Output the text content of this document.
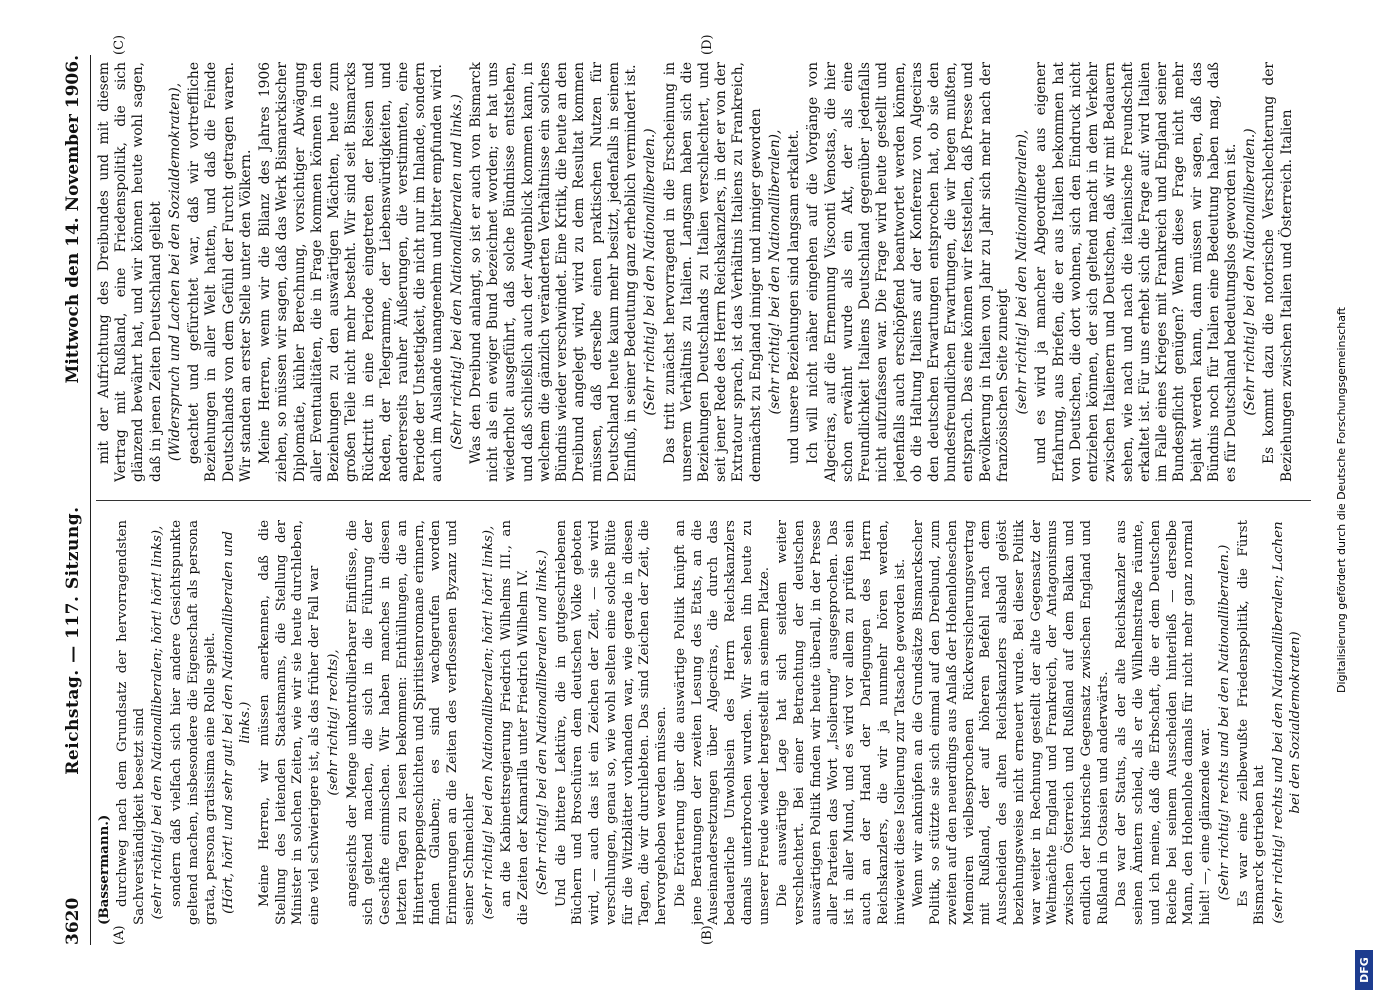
3620
Reichstag. — 117. Sitzung.
Mittwoch den 14. November 1906.
(A)	(B)
(C)	(D)
(Bassermann.) durchweg nach dem Grundsatz der hervorragendsten Sachverständigkeit besetzt sind (sehr richtig! bei den Nationalliberalen; hört! hört! links), sondern daß vielfach sich hier andere Gesichtspunkte geltend machen, insbesondere die Eigenschaft als persona grata, persona gratissima eine Rolle spielt. (Hört, hört! und sehr gut! bei den Nationalliberalen und links.) Meine Herren, wir müssen anerkennen, daß die Stellung des leitenden Staatsmanns, die Stellung der Minister in solchen Zeiten, wie wir sie heute durchleben, eine viel schwierigere ist, als das früher der Fall war (sehr richtig! rechts), angesichts der Menge unkontrollierbarer Einflüsse, die sich geltend machen, die sich in die Führung der Geschäfte einmischen. Wir haben manches in diesen letzten Tagen zu lesen bekommen: Enthüllungen, die an Hintertreppengeschichten und Spiritistenromane erinnern, finden Glauben; es sind wachgerufen worden Erinnerungen an die Zeiten des verflossenen Byzanz und seiner Schmeichler (sehr richtig! bei den Nationalliberalen; hört! hört! links), an die Kabinettsregierung Friedrich Wilhelms III., an die Zeiten der Kamarilla unter Friedrich Wilhelm IV. (Sehr richtig! bei den Nationalliberalen und links.) Und die bittere Lektüre, die in gutgeschriebenen Büchern und Broschüren dem deutschen Volke geboten wird, — auch das ist ein Zeichen der Zeit, — sie wird verschlungen, genau so, wie wohl selten eine solche Blüte für die Witzblätter vorhanden war, wie gerade in diesen Tagen, die wir durchlebten. Das sind Zeichen der Zeit, die hervorgehoben werden müssen. Die Erörterung über die auswärtige Politik knüpft an jene Beratungen der zweiten Lesung des Etats, an die Auseinandersetzungen über Algeciras, die durch das bedauerliche Unwohlsein des Herrn Reichskanzlers damals unterbrochen wurden. Wir sehen ihn heute zu unserer Freude wieder hergestellt an seinem Platze. Die auswärtige Lage hat sich seitdem weiter verschlechtert. Bei einer Betrachtung der deutschen auswärtigen Politik finden wir heute überall, in der Presse aller Parteien das Wort „Isolierung“ ausgesprochen. Das ist in aller Mund, und es wird vor allem zu prüfen sein auch an der Hand der Darlegungen des Herrn Reichskanzlers, die wir ja nunmehr hören werden, inwieweit diese Isolierung zur Tatsache geworden ist. Wenn wir anknüpfen an die Grundsätze Bismarckscher Politik, so stützte sie sich einmal auf den Dreibund, zum zweiten auf den neuerdings aus Anlaß der Hohenloheschen Memoiren vielbesprochenen Rückversicherungsvertrag mit Rußland, der auf höheren Befehl nach dem Ausscheiden des alten Reichskanzlers alsbald gelöst beziehungsweise nicht erneuert wurde. Bei dieser Politik war weiter in Rechnung gestellt der alte Gegensatz der Weltmächte England und Frankreich, der Antagonismus zwischen Österreich und Rußland auf dem Balkan und endlich der historische Gegensatz zwischen England und Rußland in Ostasien und anderwärts. Das war der Status, als der alte Reichskanzler aus seinen Ämtern schied, als er die Wilhelmstraße räumte, und ich meine, daß die Erbschaft, die er dem Deutschen Reiche bei seinem Ausscheiden hinterließ — derselbe Mann, den Hohenlohe damals für nicht mehr ganz normal hielt! —, eine glänzende war. (Sehr richtig! rechts und bei den Nationalliberalen.) Es war eine zielbewußte Friedenspolitik, die Fürst Bismarck getrieben hat (sehr richtig! rechts und bei den Nationalliberalen; Lachen bei den Sozialdemokraten)
mit der Aufrichtung des Dreibundes und mit diesem Vertrag mit Rußland, eine Friedenspolitik, die sich glänzend bewährt hat, und wir können heute wohl sagen, daß in jenen Zeiten Deutschland geliebt (Widerspruch und Lachen bei den Sozialdemokraten), geachtet und gefürchtet war, daß wir vortreffliche Beziehungen in aller Welt hatten, und daß die Feinde Deutschlands von dem Gefühl der Furcht getragen waren. Wir standen an erster Stelle unter den Völkern. Meine Herren, wenn wir die Bilanz des Jahres 1906 ziehen, so müssen wir sagen, daß das Werk Bismarckischer Diplomatie, kühler Berechnung, vorsichtiger Abwägung aller Eventualitäten, die in Frage kommen können in den Beziehungen zu den auswärtigen Mächten, heute zum großen Teile nicht mehr besteht. Wir sind seit Bismarcks Rücktritt in eine Periode eingetreten der Reisen und Reden, der Telegramme, der Liebenswürdigkeiten, und andererseits rauher Äußerungen, die verstimmten, eine Periode der Unstetigkeit, die nicht nur im Inlande, sondern auch im Auslande unangenehm und bitter empfunden wird. (Sehr richtig! bei den Nationalliberalen und links.) Was den Dreibund anlangt, so ist er auch von Bismarck nicht als ein ewiger Bund bezeichnet worden; er hat uns wiederholt ausgeführt, daß solche Bündnisse entstehen, und daß schließlich auch der Augenblick kommen kann, in welchem die gänzlich veränderten Verhältnisse ein solches Bündnis wieder verschwindet. Eine Kritik, die heute an den Dreibund angelegt wird, wird zu dem Resultat kommen müssen, daß derselbe einen praktischen Nutzen für Deutschland heute kaum mehr besitzt, jedenfalls in seinem Einfluß, in seiner Bedeutung ganz erheblich vermindert ist. (Sehr richtig! bei den Nationalliberalen.) Das tritt zunächst hervorragend in die Erscheinung in unserem Verhältnis zu Italien. Langsam haben sich die Beziehungen Deutschlands zu Italien verschlechtert, und seit jener Rede des Herrn Reichskanzlers, in der er von der Extratour sprach, ist das Verhältnis Italiens zu Frankreich, demnächst zu England inniger und inniger geworden (sehr richtig! bei den Nationalliberalen), und unsere Beziehungen sind langsam erkaltet. Ich will nicht näher eingehen auf die Vorgänge von Algeciras, auf die Ernennung Visconti Venostas, die hier schon erwähnt wurde als ein Akt, der als eine Freundlichkeit Italiens Deutschland gegenüber jedenfalls nicht aufzufassen war. Die Frage wird heute gestellt und jedenfalls auch erschöpfend beantwortet werden können, ob die Haltung Italiens auf der Konferenz von Algeciras den deutschen Erwartungen entsprochen hat, ob sie den bundesfreundlichen Erwartungen, die wir hegen mußten, entsprach. Das eine können wir feststellen, daß Presse und Bevölkerung in Italien von Jahr zu Jahr sich mehr nach der französischen Seite zuneigt (sehr richtig! bei den Nationalliberalen), und es wird ja mancher Abgeordnete aus eigener Erfahrung, aus Briefen, die er aus Italien bekommen hat von Deutschen, die dort wohnen, sich den Eindruck nicht entziehen können, der sich geltend macht in dem Verkehr zwischen Italienern und Deutschen, daß wir mit Bedauern sehen, wie nach und nach die italienische Freundschaft erkaltet ist. Für uns erhebt sich die Frage auf: wird Italien im Falle eines Krieges mit Frankreich und England seiner Bundespflicht genügen? Wenn diese Frage nicht mehr bejaht werden kann, dann müssen wir sagen, daß das Bündnis noch für Italien eine Bedeutung haben mag, daß es für Deutschland bedeutungslos geworden ist. (Sehr richtig! bei den Nationalliberalen.) Es kommt dazu die notorische Verschlechterung der Beziehungen zwischen Italien und Österreich. Italien
Digitalisierung gefördert durch die Deutsche Forschungsgemeinschaft
DFG
